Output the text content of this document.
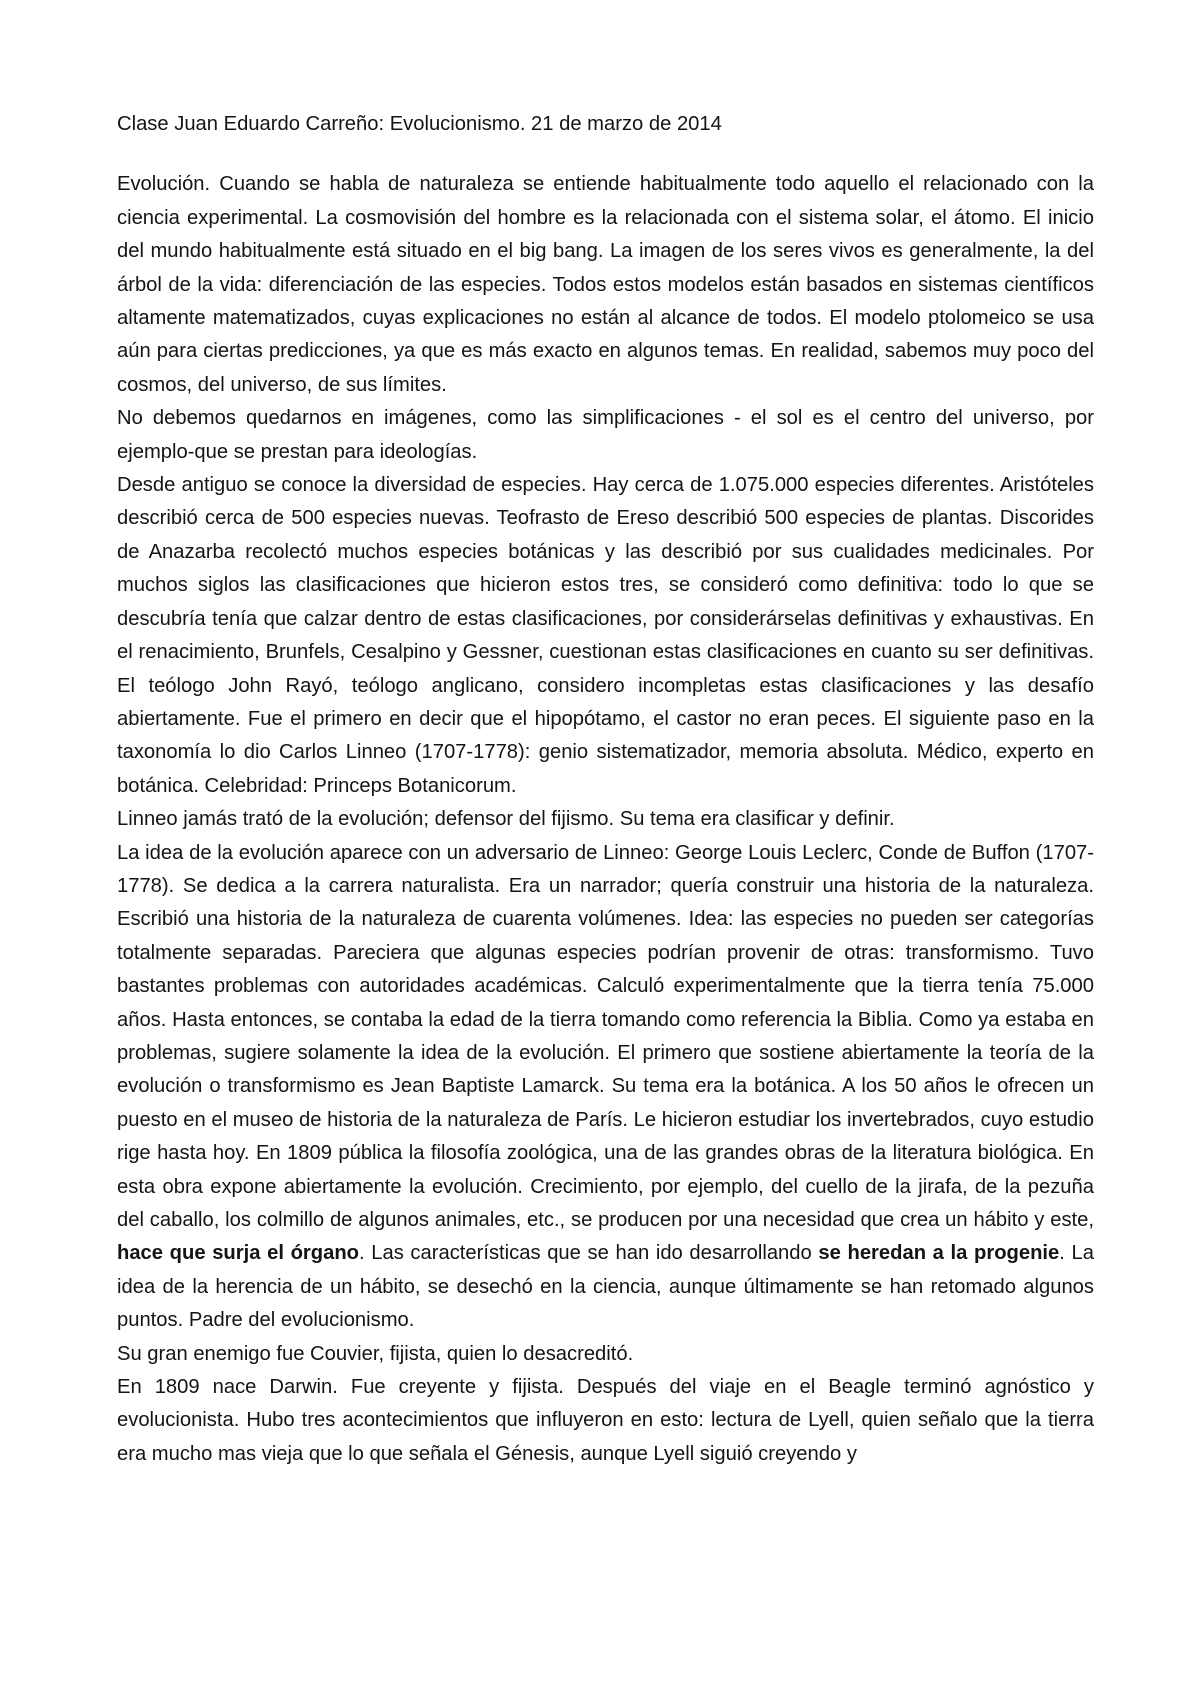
Clase Juan Eduardo Carreño: Evolucionismo. 21 de marzo de 2014

Evolución. Cuando se habla de naturaleza se entiende habitualmente todo aquello el relacionado con la ciencia experimental. La cosmovisión del hombre es la relacionada con el sistema solar, el átomo. El inicio del mundo habitualmente está situado en el big bang. La imagen de los seres vivos es generalmente, la del árbol de la vida: diferenciación de las especies. Todos estos modelos están basados en sistemas científicos altamente matematizados, cuyas explicaciones no están al alcance de todos. El modelo ptolomeico se usa aún para ciertas predicciones, ya que es más exacto en algunos temas. En realidad, sabemos muy poco del cosmos, del universo, de sus límites.

No debemos quedarnos en imágenes, como las simplificaciones - el sol es el centro del universo, por ejemplo-que se prestan para ideologías.

Desde antiguo se conoce la diversidad de especies. Hay cerca de 1.075.000 especies diferentes. Aristóteles describió cerca de 500 especies nuevas. Teofrasto de Ereso describió 500 especies de plantas. Discorides de Anazarba recolectó muchos especies botánicas y las describió por sus cualidades medicinales. Por muchos siglos las clasificaciones que hicieron estos tres, se consideró como definitiva: todo lo que se descubría tenía que calzar dentro de estas clasificaciones, por considerárselas definitivas y exhaustivas. En el renacimiento, Brunfels, Cesalpino y Gessner, cuestionan estas clasificaciones en cuanto su ser definitivas. El teólogo John Rayó, teólogo anglicano, considero incompletas estas clasificaciones y las desafío abiertamente. Fue el primero en decir que el hipopótamo, el castor no eran peces. El siguiente paso en la taxonomía lo dio Carlos Linneo (1707-1778): genio sistematizador, memoria absoluta. Médico, experto en botánica. Celebridad: Princeps Botanicorum.

Linneo jamás trató de la evolución; defensor del fijismo. Su tema era clasificar y definir.

La idea de la evolución aparece con un adversario de Linneo: George Louis Leclerc, Conde de Buffon (1707-1778). Se dedica a la carrera naturalista. Era un narrador; quería construir una historia de la naturaleza. Escribió una historia de la naturaleza de cuarenta volúmenes. Idea: las especies no pueden ser categorías totalmente separadas. Pareciera que algunas especies podrían provenir de otras: transformismo. Tuvo bastantes problemas con autoridades académicas. Calculó experimentalmente que la tierra tenía 75.000 años. Hasta entonces, se contaba la edad de la tierra tomando como referencia la Biblia. Como ya estaba en problemas, sugiere solamente la idea de la evolución. El primero que sostiene abiertamente la teoría de la evolución o transformismo es Jean Baptiste Lamarck. Su tema era la botánica. A los 50 años le ofrecen un puesto en el museo de historia de la naturaleza de París. Le hicieron estudiar los invertebrados, cuyo estudio rige hasta hoy. En 1809 pública la filosofía zoológica, una de las grandes obras de la literatura biológica. En esta obra expone abiertamente la evolución. Crecimiento, por ejemplo, del cuello de la jirafa, de la pezuña del caballo, los colmillo de algunos animales, etc., se producen por una necesidad que crea un hábito y este, hace que surja el órgano. Las características que se han ido desarrollando se heredan a la progenie. La idea de la herencia de un hábito, se desechó en la ciencia, aunque últimamente se han retomado algunos puntos. Padre del evolucionismo.

Su gran enemigo fue Couvier, fijista, quien lo desacreditó.

En 1809 nace Darwin. Fue creyente y fijista. Después del viaje en el Beagle terminó agnóstico y evolucionista. Hubo tres acontecimientos que influyeron en esto: lectura de Lyell, quien señalo que la tierra era mucho mas vieja que lo que señala el Génesis, aunque Lyell siguió creyendo y
